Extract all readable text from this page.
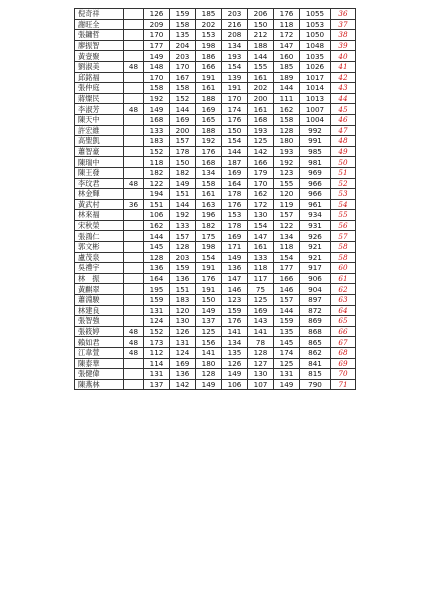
倪奇祥		126	159	185	203	206	176	1055	36
謝旺全		209	158	202	216	150	118	1053	37
張鏞哲		170	135	153	208	212	172	1050	38
廖振智		177	204	198	134	188	147	1048	39
黃壹聚		149	203	186	193	144	160	1035	40
劉淑美	48	148	170	166	154	155	185	1026	41
邱銘福		170	167	191	139	161	189	1017	42
張仲庭		158	158	161	191	202	144	1014	43
蔣燦民		192	152	188	170	200	111	1013	44
李淑芳	48	149	144	169	174	161	162	1007	45
陳天中		168	169	165	176	168	158	1004	46
許宏維		133	200	188	150	193	128	992	47
高聖凱		183	157	192	154	125	180	991	48
蕭智豪		152	178	176	144	142	193	985	49
陳瑞中		118	150	168	187	166	192	981	50
陳王發		182	182	134	169	179	123	969	51
李玟君	48	122	149	158	164	170	155	966	52
林金輝		194	151	161	178	162	120	966	53
黃武村	36	151	144	163	176	172	119	961	54
林來福		106	192	196	153	130	157	934	55
宋秋榮		162	133	182	178	154	122	931	56
張鴻仁		144	157	175	169	147	134	926	57
郭文彬		145	128	198	171	161	118	921	58
盧茂泉		128	203	154	149	133	154	921	58
吳禮宇		136	159	191	136	118	177	917	60
林　振		164	136	176	147	117	166	906	61
黃麒翠		195	151	191	146	75	146	904	62
蕭淵駿		159	183	150	123	125	157	897	63
林建良		131	120	149	159	169	144	872	64
張智強		124	130	137	176	143	159	869	65
張筱婷	48	152	126	125	141	141	135	868	66
賴如君	48	173	131	156	134	78	145	865	67
江韋萱	48	112	124	141	135	128	174	862	68
陳泰華		114	169	180	126	127	125	841	69
張健偉		131	136	128	149	130	131	815	70
陳燕林		137	142	149	106	107	149	790	71
